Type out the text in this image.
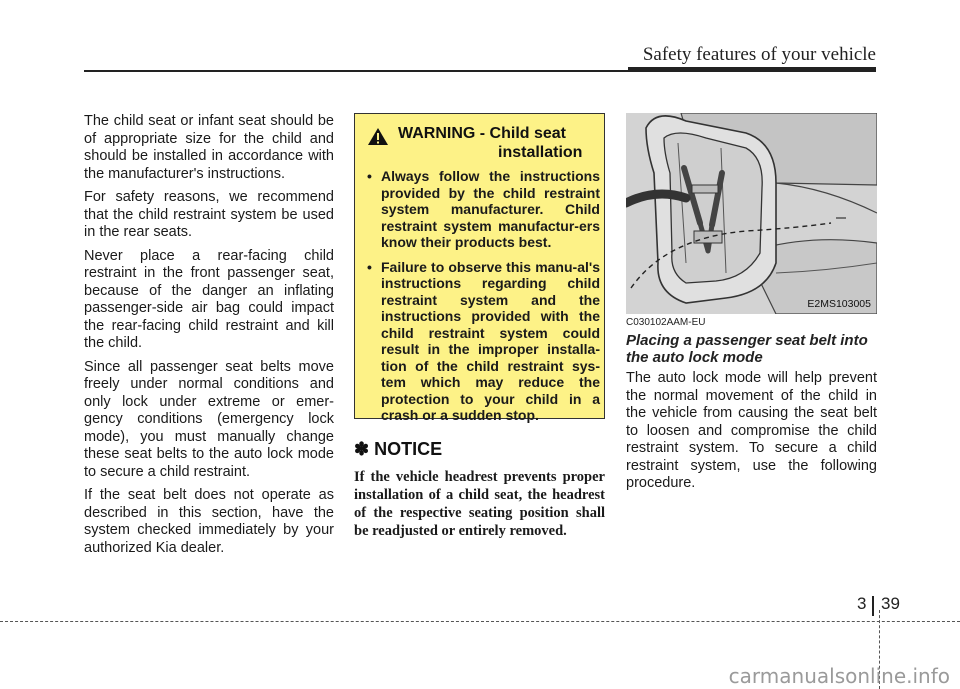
Safety features of your vehicle

The child seat or infant seat should be of appropriate size for the child and should be installed in accordance with the manufacturer's instructions.

For safety reasons, we recommend that the child restraint system be used in the rear seats.

Never place a rear-facing child restraint in the front passenger seat, because of the danger an inflating passenger-side air bag could impact the rear-facing child restraint and kill the child.

Since all passenger seat belts move freely under normal conditions and only lock under extreme or emer-gency conditions (emergency lock mode), you must manually change these seat belts to the auto lock mode to secure a child restraint.

If the seat belt does not operate as described in this section, have the system checked immediately by your authorized Kia dealer.

WARNING - Child seat
installation
• Always follow the instructions provided by the child restraint system manufacturer. Child restraint system manufactur-ers know their products best.
• Failure to observe this manu-al's instructions regarding child restraint system and the instructions provided with the child restraint system could result in the improper installa-tion of the child restraint sys-tem which may reduce the protection to your child in a crash or a sudden stop.
✽ NOTICE

If the vehicle headrest prevents proper installation of a child seat, the headrest of the respective seating position shall be readjusted or entirely removed.

E2MS103005
C030102AAM-EU
Placing a passenger seat belt into the auto lock mode

The auto lock mode will help prevent the normal movement of the child in the vehicle from causing the seat belt to loosen and compromise the child restraint system. To secure a child restraint system, use the following procedure.

3 39
carmanualsonline.info
